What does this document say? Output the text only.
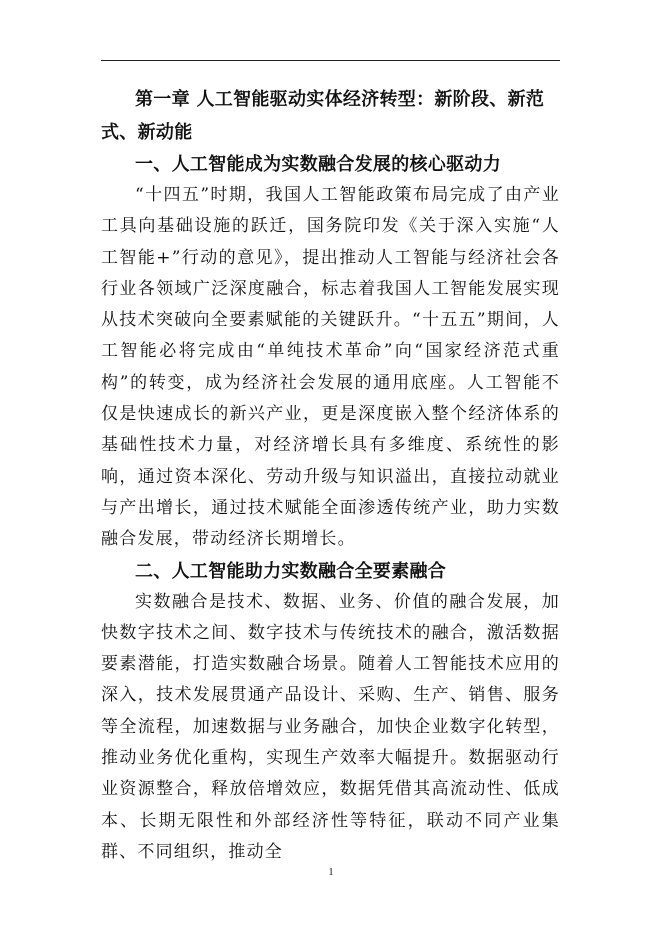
第一章 人工智能驱动实体经济转型：新阶段、新范式、新动能
一、人工智能成为实数融合发展的核心驱动力

“十四五”时期，我国人工智能政策布局完成了由产业工具向基础设施的跃迁，国务院印发《关于深入实施“人工智能+”行动的意见》，提出推动人工智能与经济社会各行业各领域广泛深度融合，标志着我国人工智能发展实现从技术突破向全要素赋能的关键跃升。“十五五”期间，人工智能必将完成由“单纯技术革命”向“国家经济范式重构”的转变，成为经济社会发展的通用底座。人工智能不仅是快速成长的新兴产业，更是深度嵌入整个经济体系的基础性技术力量，对经济增长具有多维度、系统性的影响，通过资本深化、劳动升级与知识溢出，直接拉动就业与产出增长，通过技术赋能全面渗透传统产业，助力实数融合发展，带动经济长期增长。

二、人工智能助力实数融合全要素融合

实数融合是技术、数据、业务、价值的融合发展，加快数字技术之间、数字技术与传统技术的融合，激活数据要素潜能，打造实数融合场景。随着人工智能技术应用的深入，技术发展贯通产品设计、采购、生产、销售、服务等全流程，加速数据与业务融合，加快企业数字化转型，推动业务优化重构，实现生产效率大幅提升。数据驱动行业资源整合，释放倍增效应，数据凭借其高流动性、低成本、长期无限性和外部经济性等特征，联动不同产业集群、不同组织，推动全

1
